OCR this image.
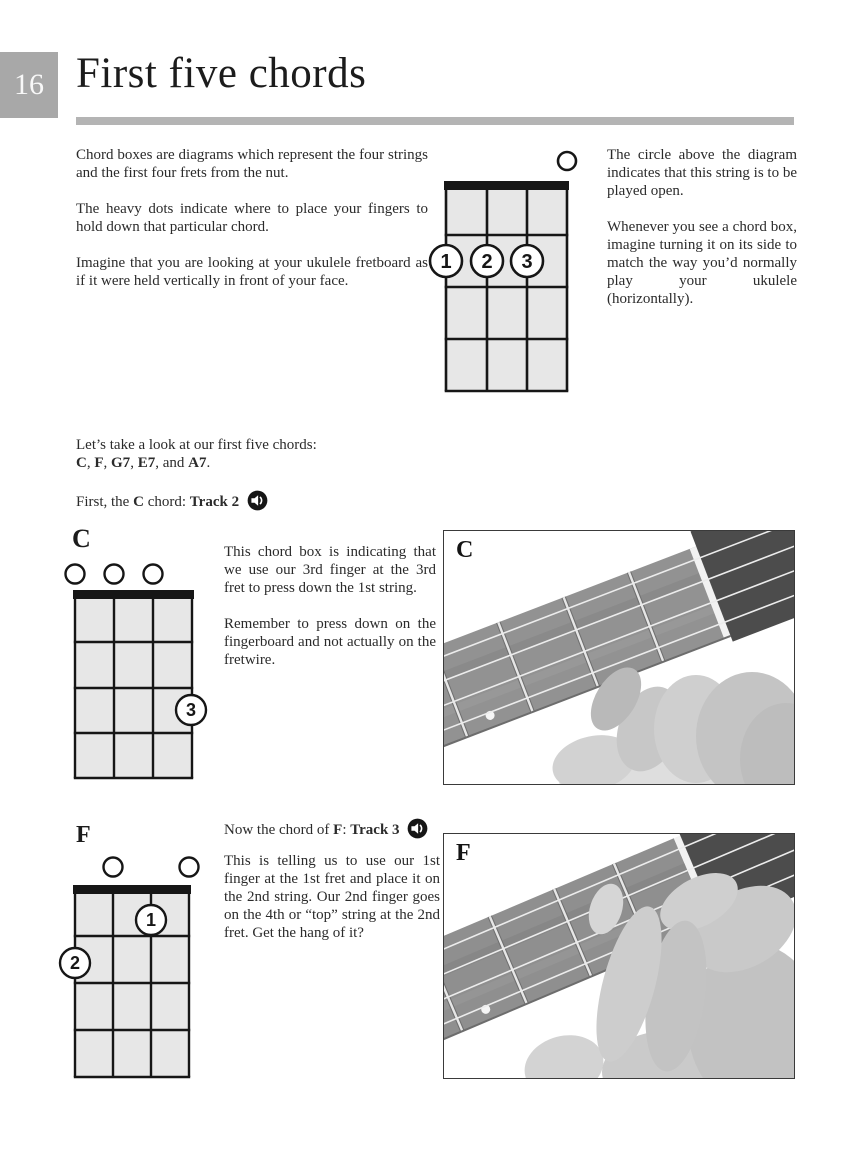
16 First five chords

Chord boxes are diagrams which represent the four strings and the first four frets from the nut.

The heavy dots indicate where to place your fingers to hold down that particular chord.

Imagine that you are looking at your ukulele fretboard as if it were held vertically in front of your face.

1 2 3

The circle above the diagram indicates that this string is to be played open.

Whenever you see a chord box, imagine turning it on its side to match the way you’d normally play your ukulele (horizontally).

Let’s take a look at our first five chords:
C, F, G7, E7, and A7.
First, the C chord: Track 2
C
3

This chord box is indicating that we use our 3rd finger at the 3rd fret to press down the 1st string.

Remember to press down on the fingerboard and not actually on the fretwire.

C
Now the chord of F: Track 3
F

This is telling us to use our 1st finger at the 1st fret and place it on the 2nd string. Our 2nd finger goes on the 4th or “top” string at the 2nd fret. Get the hang of it?

1
2
F
